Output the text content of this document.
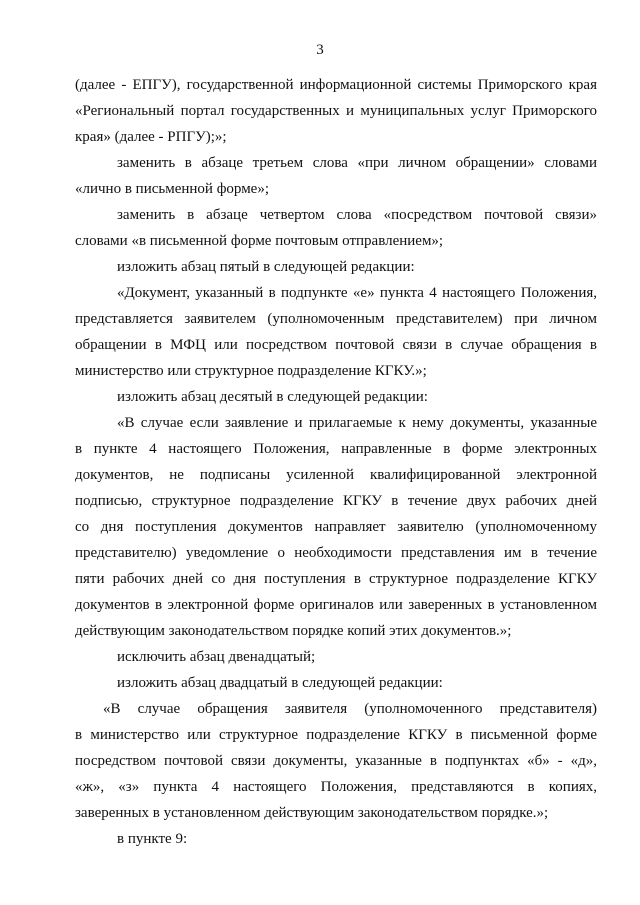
3
(далее - ЕПГУ), государственной информационной системы Приморского края
«Региональный портал государственных и муниципальных услуг Приморского
края» (далее - РПГУ);»;
заменить в абзаце третьем слова «при личном обращении» словами
«лично в письменной форме»;
заменить в абзаце четвертом слова «посредством почтовой связи»
словами «в письменной форме почтовым отправлением»;
изложить абзац пятый в следующей редакции:
«Документ, указанный в подпункте «е» пункта 4 настоящего Положения,
представляется заявителем (уполномоченным представителем) при личном
обращении в МФЦ или посредством почтовой связи в случае обращения в
министерство или структурное подразделение КГКУ.»;
изложить абзац десятый в следующей редакции:
«В случае если заявление и прилагаемые к нему документы, указанные
в пункте 4 настоящего Положения, направленные в форме электронных
документов, не подписаны усиленной квалифицированной электронной
подписью, структурное подразделение КГКУ в течение двух рабочих дней
со дня поступления документов направляет заявителю (уполномоченному
представителю) уведомление о необходимости представления им в течение
пяти рабочих дней со дня поступления в структурное подразделение КГКУ
документов в электронной форме оригиналов или заверенных в установленном
действующим законодательством порядке копий этих документов.»;
исключить абзац двенадцатый;
изложить абзац двадцатый в следующей редакции:
«В случае обращения заявителя (уполномоченного представителя)
в министерство или структурное подразделение КГКУ в письменной форме
посредством почтовой связи документы, указанные в подпунктах «б» - «д»,
«ж», «з» пункта 4 настоящего Положения, представляются в копиях,
заверенных в установленном действующим законодательством порядке.»;
в пункте 9:
